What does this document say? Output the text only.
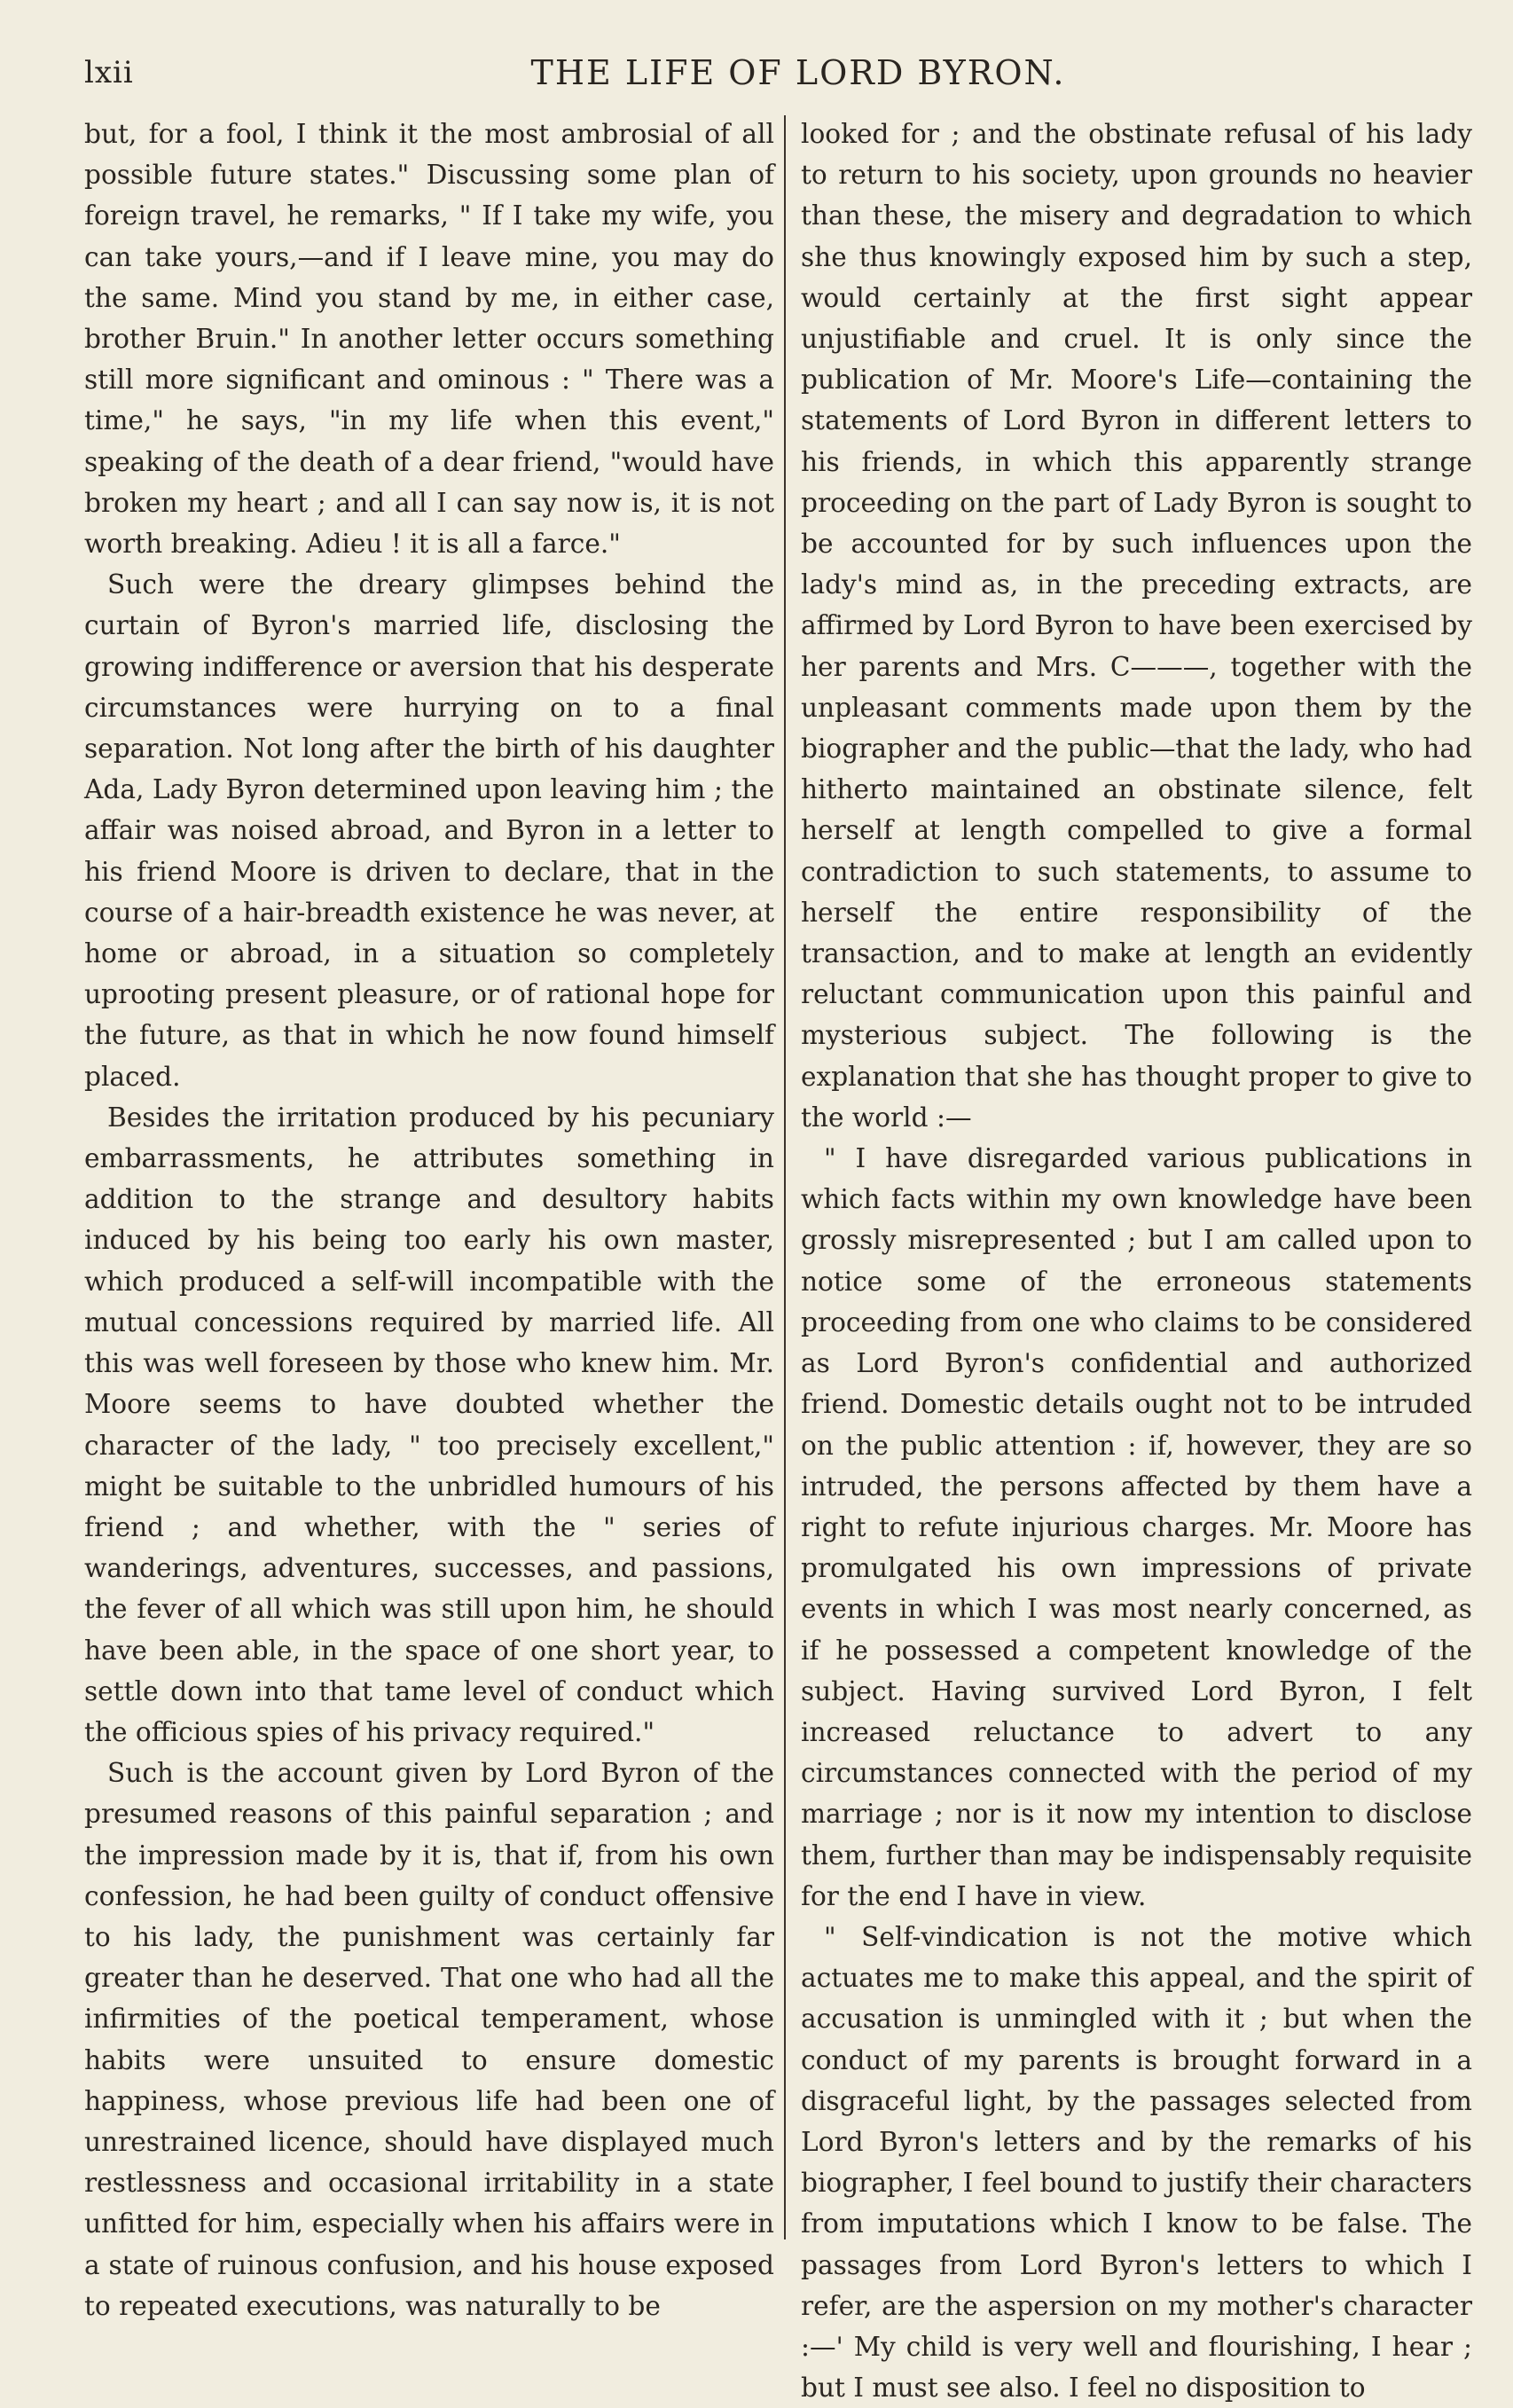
lxii	THE LIFE OF LORD BYRON.

but, for a fool, I think it the most ambrosial of all possible future states." Discussing some plan of foreign travel, he remarks, " If I take my wife, you can take yours,—and if I leave mine, you may do the same. Mind you stand by me, in either case, brother Bruin." In another letter occurs something still more significant and ominous : " There was a time," he says, "in my life when this event," speaking of the death of a dear friend, "would have broken my heart ; and all I can say now is, it is not worth breaking. Adieu ! it is all a farce."

Such were the dreary glimpses behind the curtain of Byron's married life, disclosing the growing indifference or aversion that his desperate circumstances were hurrying on to a final separation. Not long after the birth of his daughter Ada, Lady Byron determined upon leaving him ; the affair was noised abroad, and Byron in a letter to his friend Moore is driven to declare, that in the course of a hair-breadth existence he was never, at home or abroad, in a situation so completely uprooting present pleasure, or of rational hope for the future, as that in which he now found himself placed.

Besides the irritation produced by his pecuniary embarrassments, he attributes something in addition to the strange and desultory habits induced by his being too early his own master, which produced a self-will incompatible with the mutual concessions required by married life. All this was well foreseen by those who knew him. Mr. Moore seems to have doubted whether the character of the lady, " too precisely excellent," might be suitable to the unbridled humours of his friend ; and whether, with the " series of wanderings, adventures, successes, and passions, the fever of all which was still upon him, he should have been able, in the space of one short year, to settle down into that tame level of conduct which the officious spies of his privacy required."

Such is the account given by Lord Byron of the presumed reasons of this painful separation ; and the impression made by it is, that if, from his own confession, he had been guilty of conduct offensive to his lady, the punishment was certainly far greater than he deserved. That one who had all the infirmities of the poetical temperament, whose habits were unsuited to ensure domestic happiness, whose previous life had been one of unrestrained licence, should have displayed much restlessness and occasional irritability in a state unfitted for him, especially when his affairs were in a state of ruinous confusion, and his house exposed to repeated executions, was naturally to be

looked for ; and the obstinate refusal of his lady to return to his society, upon grounds no heavier than these, the misery and degradation to which she thus knowingly exposed him by such a step, would certainly at the first sight appear unjustifiable and cruel. It is only since the publication of Mr. Moore's Life—containing the statements of Lord Byron in different letters to his friends, in which this apparently strange proceeding on the part of Lady Byron is sought to be accounted for by such influences upon the lady's mind as, in the preceding extracts, are affirmed by Lord Byron to have been exercised by her parents and Mrs. C———, together with the unpleasant comments made upon them by the biographer and the public—that the lady, who had hitherto maintained an obstinate silence, felt herself at length compelled to give a formal contradiction to such statements, to assume to herself the entire responsibility of the transaction, and to make at length an evidently reluctant communication upon this painful and mysterious subject. The following is the explanation that she has thought proper to give to the world :—

" I have disregarded various publications in which facts within my own knowledge have been grossly misrepresented ; but I am called upon to notice some of the erroneous statements proceeding from one who claims to be considered as Lord Byron's confidential and authorized friend. Domestic details ought not to be intruded on the public attention : if, however, they are so intruded, the persons affected by them have a right to refute injurious charges. Mr. Moore has promulgated his own impressions of private events in which I was most nearly concerned, as if he possessed a competent knowledge of the subject. Having survived Lord Byron, I felt increased reluctance to advert to any circumstances connected with the period of my marriage ; nor is it now my intention to disclose them, further than may be indispensably requisite for the end I have in view.

" Self-vindication is not the motive which actuates me to make this appeal, and the spirit of accusation is unmingled with it ; but when the conduct of my parents is brought forward in a disgraceful light, by the passages selected from Lord Byron's letters and by the remarks of his biographer, I feel bound to justify their characters from imputations which I know to be false. The passages from Lord Byron's letters to which I refer, are the aspersion on my mother's character :—' My child is very well and flourishing, I hear ; but I must see also. I feel no disposition to
